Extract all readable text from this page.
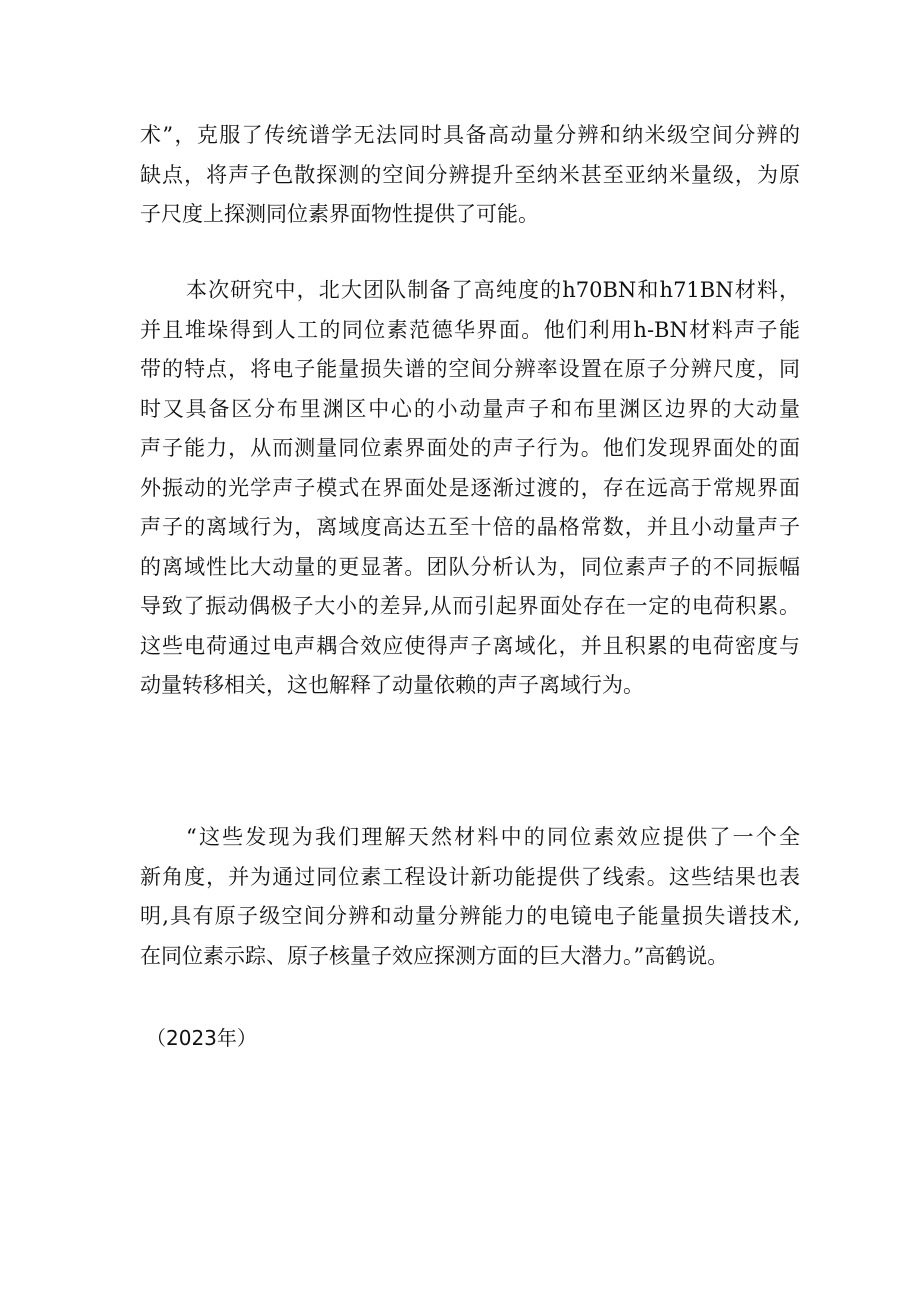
术”，克服了传统谱学无法同时具备高动量分辨和纳米级空间分辨的
缺点，将声子色散探测的空间分辨提升至纳米甚至亚纳米量级，为原
子尺度上探测同位素界面物性提供了可能。
本次研究中，北大团队制备了高纯度的h70BN和h71BN材料，
并且堆垛得到人工的同位素范德华界面。他们利用h-BN材料声子能
带的特点，将电子能量损失谱的空间分辨率设置在原子分辨尺度，同
时又具备区分布里渊区中心的小动量声子和布里渊区边界的大动量
声子能力，从而测量同位素界面处的声子行为。他们发现界面处的面
外振动的光学声子模式在界面处是逐渐过渡的，存在远高于常规界面
声子的离域行为，离域度高达五至十倍的晶格常数，并且小动量声子
的离域性比大动量的更显著。团队分析认为，同位素声子的不同振幅
导致了振动偶极子大小的差异,从而引起界面处存在一定的电荷积累。
这些电荷通过电声耦合效应使得声子离域化，并且积累的电荷密度与
动量转移相关，这也解释了动量依赖的声子离域行为。
“这些发现为我们理解天然材料中的同位素效应提供了一个全
新角度，并为通过同位素工程设计新功能提供了线索。这些结果也表
明,具有原子级空间分辨和动量分辨能力的电镜电子能量损失谱技术,
在同位素示踪、原子核量子效应探测方面的巨大潜力。”高鹤说。
（2023年）
